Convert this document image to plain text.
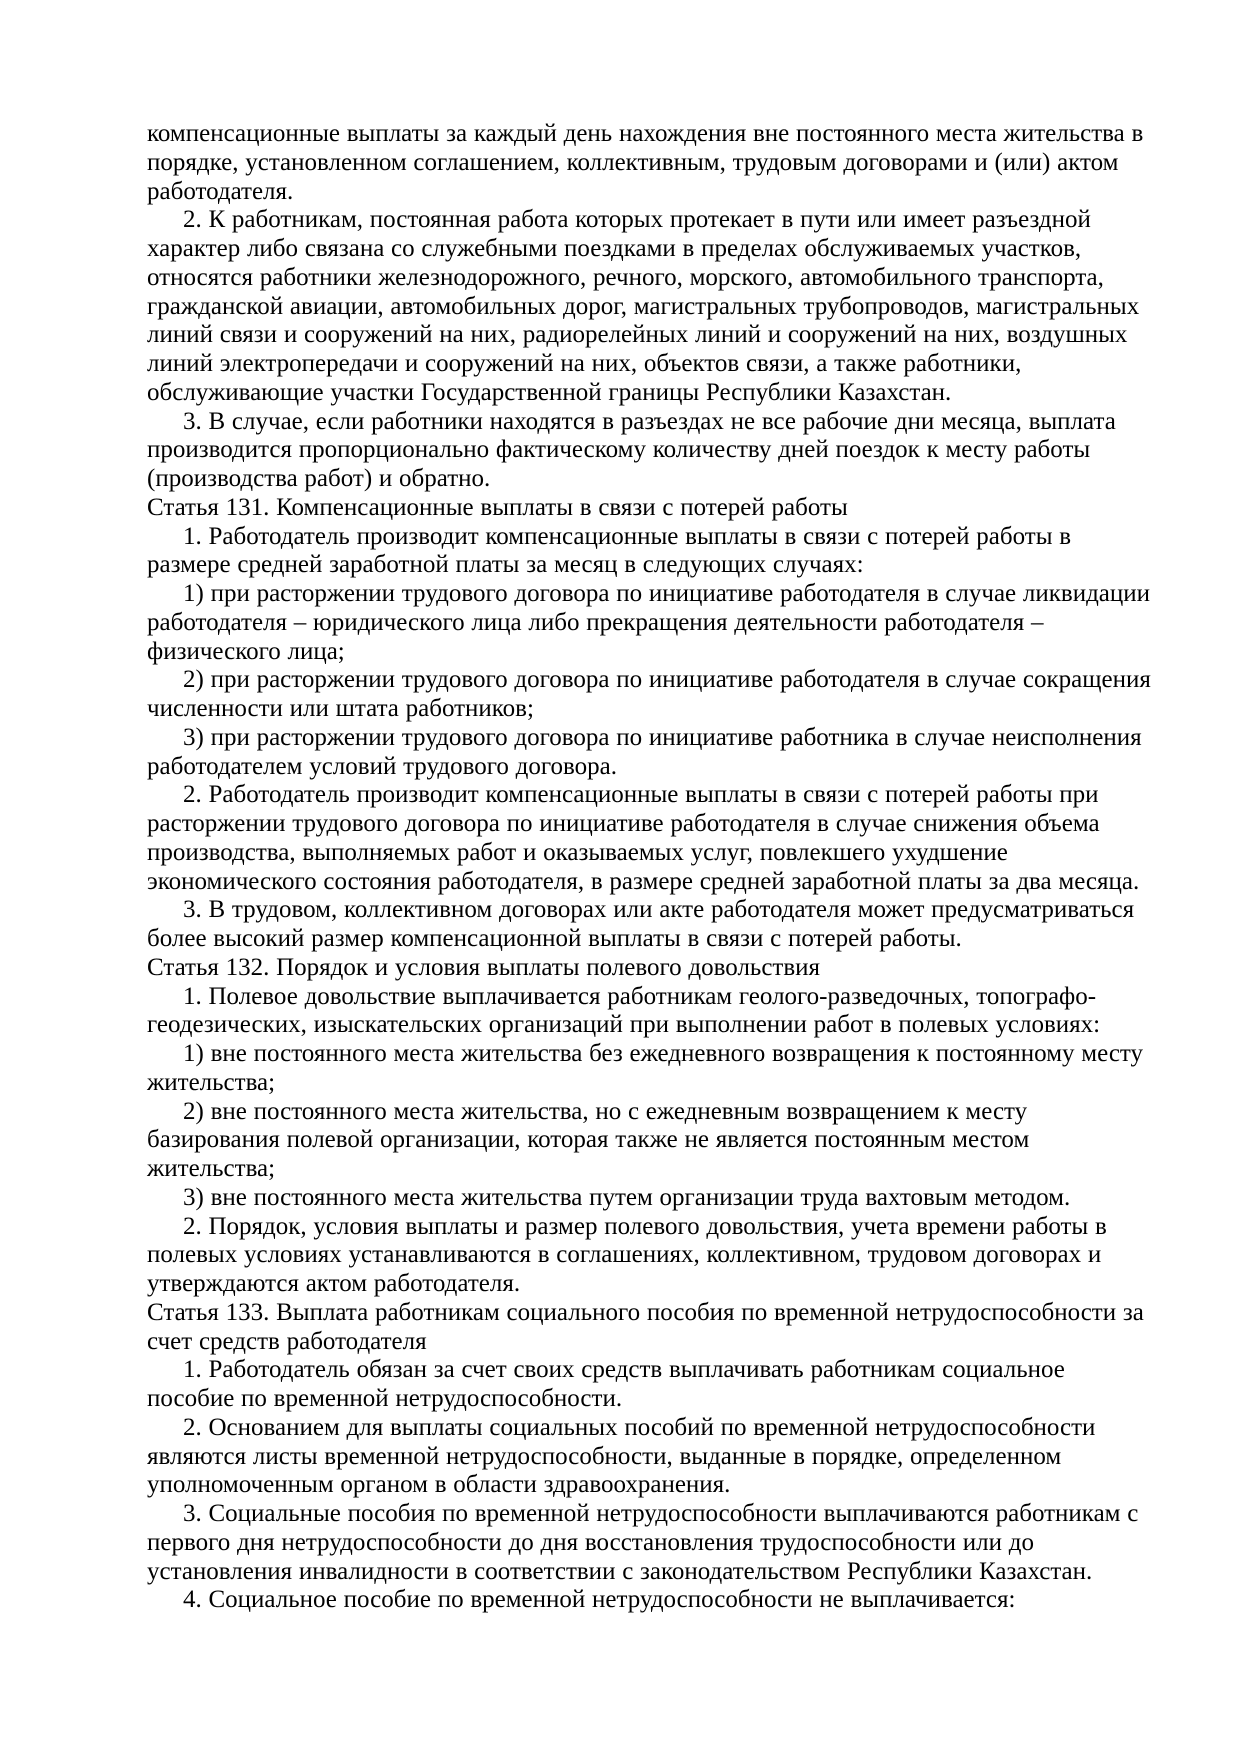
компенсационные выплаты за каждый день нахождения вне постоянного места жительства в порядке, установленном соглашением, коллективным, трудовым договорами и (или) актом работодателя.

2. К работникам, постоянная работа которых протекает в пути или имеет разъездной характер либо связана со служебными поездками в пределах обслуживаемых участков, относятся работники железнодорожного, речного, морского, автомобильного транспорта, гражданской авиации, автомобильных дорог, магистральных трубопроводов, магистральных линий связи и сооружений на них, радиорелейных линий и сооружений на них, воздушных линий электропередачи и сооружений на них, объектов связи, а также работники, обслуживающие участки Государственной границы Республики Казахстан.

3. В случае, если работники находятся в разъездах не все рабочие дни месяца, выплата производится пропорционально фактическому количеству дней поездок к месту работы (производства работ) и обратно.

Статья 131. Компенсационные выплаты в связи с потерей работы

1. Работодатель производит компенсационные выплаты в связи с потерей работы в размере средней заработной платы за месяц в следующих случаях:

1) при расторжении трудового договора по инициативе работодателя в случае ликвидации работодателя – юридического лица либо прекращения деятельности работодателя – физического лица;

2) при расторжении трудового договора по инициативе работодателя в случае сокращения численности или штата работников;

3) при расторжении трудового договора по инициативе работника в случае неисполнения работодателем условий трудового договора.

2. Работодатель производит компенсационные выплаты в связи с потерей работы при расторжении трудового договора по инициативе работодателя в случае снижения объема производства, выполняемых работ и оказываемых услуг, повлекшего ухудшение экономического состояния работодателя, в размере средней заработной платы за два месяца.

3. В трудовом, коллективном договорах или акте работодателя может предусматриваться более высокий размер компенсационной выплаты в связи с потерей работы.

Статья 132. Порядок и условия выплаты полевого довольствия

1. Полевое довольствие выплачивается работникам геолого-разведочных, топографо-геодезических, изыскательских организаций при выполнении работ в полевых условиях:

1) вне постоянного места жительства без ежедневного возвращения к постоянному месту жительства;

2) вне постоянного места жительства, но с ежедневным возвращением к месту базирования полевой организации, которая также не является постоянным местом жительства;

3) вне постоянного места жительства путем организации труда вахтовым методом.

2. Порядок, условия выплаты и размер полевого довольствия, учета времени работы в полевых условиях устанавливаются в соглашениях, коллективном, трудовом договорах и утверждаются актом работодателя.

Статья 133. Выплата работникам социального пособия по временной нетрудоспособности за счет средств работодателя

1. Работодатель обязан за счет своих средств выплачивать работникам социальное пособие по временной нетрудоспособности.

2. Основанием для выплаты социальных пособий по временной нетрудоспособности являются листы временной нетрудоспособности, выданные в порядке, определенном уполномоченным органом в области здравоохранения.

3. Социальные пособия по временной нетрудоспособности выплачиваются работникам с первого дня нетрудоспособности до дня восстановления трудоспособности или до установления инвалидности в соответствии с законодательством Республики Казахстан.

4. Социальное пособие по временной нетрудоспособности не выплачивается:
